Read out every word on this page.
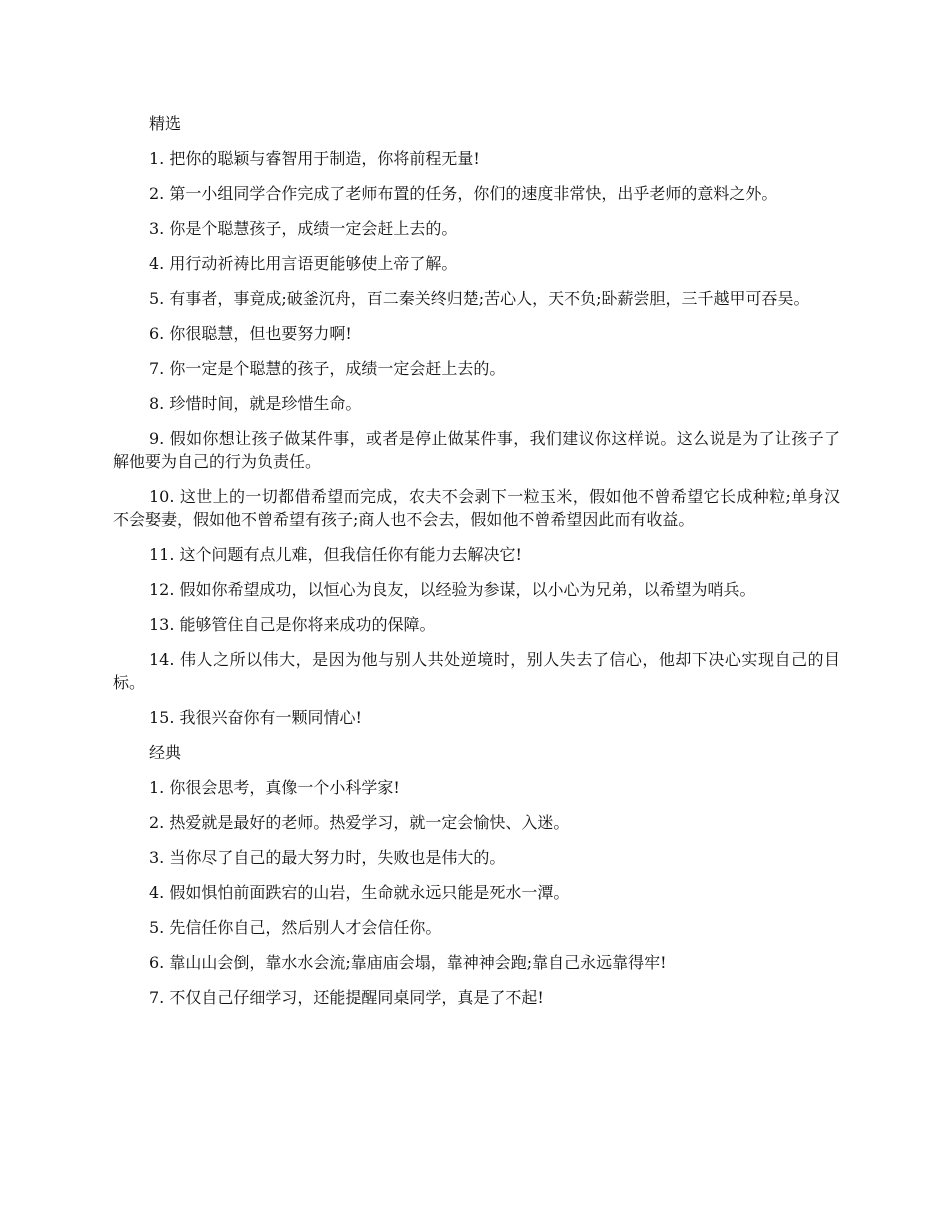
精选

1. 把你的聪颖与睿智用于制造，你将前程无量!

2. 第一小组同学合作完成了老师布置的任务，你们的速度非常快，出乎老师的意料之外。

3. 你是个聪慧孩子，成绩一定会赶上去的。

4. 用行动祈祷比用言语更能够使上帝了解。

5. 有事者，事竟成;破釜沉舟，百二秦关终归楚;苦心人，天不负;卧薪尝胆，三千越甲可吞吴。

6. 你很聪慧，但也要努力啊!

7. 你一定是个聪慧的孩子，成绩一定会赶上去的。

8. 珍惜时间，就是珍惜生命。

9. 假如你想让孩子做某件事，或者是停止做某件事，我们建议你这样说。这么说是为了让孩子了解他要为自己的行为负责任。

10. 这世上的一切都借希望而完成，农夫不会剥下一粒玉米，假如他不曾希望它长成种粒;单身汉不会娶妻，假如他不曾希望有孩子;商人也不会去，假如他不曾希望因此而有收益。

11. 这个问题有点儿难，但我信任你有能力去解决它!

12. 假如你希望成功，以恒心为良友，以经验为参谋，以小心为兄弟，以希望为哨兵。

13. 能够管住自己是你将来成功的保障。

14. 伟人之所以伟大，是因为他与别人共处逆境时，别人失去了信心，他却下决心实现自己的目标。

15. 我很兴奋你有一颗同情心!

经典

1. 你很会思考，真像一个小科学家!

2. 热爱就是最好的老师。热爱学习，就一定会愉快、入迷。

3. 当你尽了自己的最大努力时，失败也是伟大的。

4. 假如惧怕前面跌宕的山岩，生命就永远只能是死水一潭。

5. 先信任你自己，然后别人才会信任你。

6. 靠山山会倒，靠水水会流;靠庙庙会塌，靠神神会跑;靠自己永远靠得牢!

7. 不仅自己仔细学习，还能提醒同桌同学，真是了不起!
